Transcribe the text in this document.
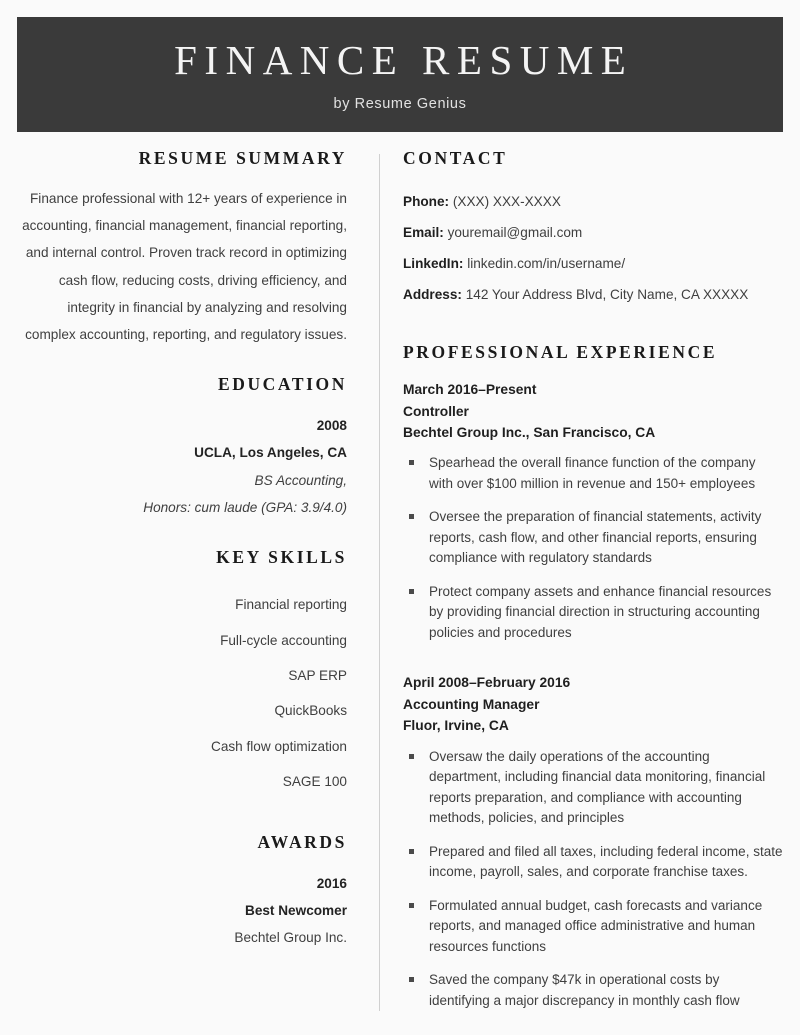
FINANCE RESUME
by Resume Genius
RESUME SUMMARY
Finance professional with 12+ years of experience in accounting, financial management, financial reporting, and internal control. Proven track record in optimizing cash flow, reducing costs, driving efficiency, and integrity in financial by analyzing and resolving complex accounting, reporting, and regulatory issues.
EDUCATION
2008
UCLA, Los Angeles, CA
BS Accounting,
Honors: cum laude (GPA: 3.9/4.0)
KEY SKILLS
Financial reporting
Full-cycle accounting
SAP ERP
QuickBooks
Cash flow optimization
SAGE 100
AWARDS
2016
Best Newcomer
Bechtel Group Inc.
CONTACT
Phone: (XXX) XXX-XXXX
Email: youremail@gmail.com
LinkedIn: linkedin.com/in/username/
Address: 142 Your Address Blvd, City Name, CA XXXXX
PROFESSIONAL EXPERIENCE
March 2016–Present
Controller
Bechtel Group Inc., San Francisco, CA
Spearhead the overall finance function of the company with over $100 million in revenue and 150+ employees
Oversee the preparation of financial statements, activity reports, cash flow, and other financial reports, ensuring compliance with regulatory standards
Protect company assets and enhance financial resources by providing financial direction in structuring accounting policies and procedures
April 2008–February 2016
Accounting Manager
Fluor, Irvine, CA
Oversaw the daily operations of the accounting department, including financial data monitoring, financial reports preparation, and compliance with accounting methods, policies, and principles
Prepared and filed all taxes, including federal income, state income, payroll, sales, and corporate franchise taxes.
Formulated annual budget, cash forecasts and variance reports, and managed office administrative and human resources functions
Saved the company $47k in operational costs by identifying a major discrepancy in monthly cash flow
